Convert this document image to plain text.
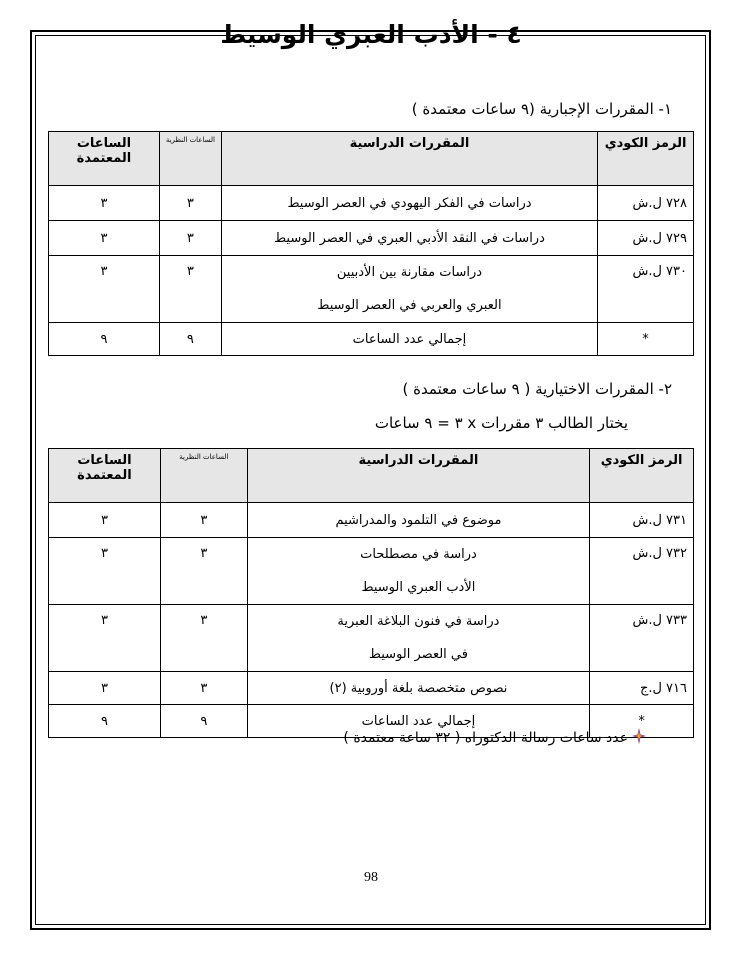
٤ - الأدب العبري الوسيط
١- المقررات الإجبارية (٩ ساعات معتمدة )
الرمز الكودي	المقررات الدراسية	الساعات النظرية	الساعات المعتمدة
٧٢٨ ل.ش	دراسات في الفكر اليهودي في العصر الوسيط	٣	٣
٧٢٩ ل.ش	دراسات في النقد الأدبي العبري في العصر الوسيط	٣	٣
٧٣٠ ل.ش	دراسات مقارنة بين الأدبيين
العبري والعربي في العصر الوسيط	٣	٣
*	إجمالي عدد الساعات	٩	٩
٢- المقررات الاختيارية ( ٩ ساعات معتمدة )
يختار الطالب ٣ مقررات x ٣ = ٩ ساعات
الرمز الكودي	المقررات الدراسية	الساعات النظرية	الساعات المعتمدة
٧٣١ ل.ش	موضوع في التلمود والمدراشيم	٣	٣
٧٣٢ ل.ش	دراسة في مصطلحات
الأدب العبري الوسيط	٣	٣
٧٣٣ ل.ش	دراسة في فنون البلاغة العبرية
في العصر الوسيط	٣	٣
٧١٦ ل.ج	نصوص متخصصة بلغة أوروبية (٢)	٣	٣
*	إجمالي عدد الساعات	٩	٩
عدد ساعات رسالة الدكتوراه ( ٣٢ ساعة معتمدة )
98
